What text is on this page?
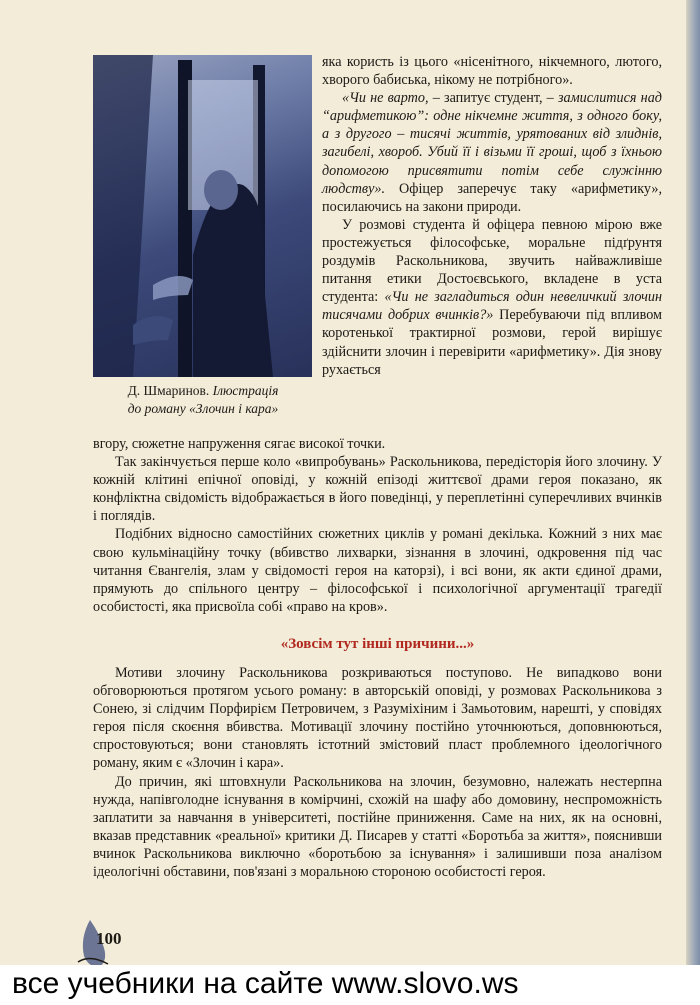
Д. Шмаринов. Ілюстрація
до роману «Злочин і кара»

яка користь із цього «нісенітного, нікчемного, лютого, хворого бабиська, нікому не потрібного».

«Чи не варто, – запитує студент, – замислитися над “арифметикою”: одне нікчемне життя, з одного боку, а з другого – тисячі життів, урятованих від злиднів, загибелі, хвороб. Убий її і візьми її гроші, щоб з їхньою допомогою присвятити потім себе служінню людству». Офіцер заперечує таку «арифметику», посилаючись на закони природи.

У розмові студента й офіцера певною мірою вже простежується філософське, моральне підґрунтя роздумів Раскольникова, звучить найважливіше питання етики Достоєвського, вкладене в уста студента: «Чи не загладиться один невеличкий злочин тисячами добрих вчинків?» Перебуваючи під впливом коротенької трактирної розмови, герой вирішує здійснити злочин і перевірити «арифметику». Дія знову рухається

вгору, сюжетне напруження сягає високої точки.

Так закінчується перше коло «випробувань» Раскольникова, передісторія його злочину. У кожній клітині епічної оповіді, у кожній епізоді життєвої драми героя показано, як конфліктна свідомість відображається в його поведінці, у переплетінні суперечливих вчинків і поглядів.

Подібних відносно самостійних сюжетних циклів у романі декілька. Кожний з них має свою кульмінаційну точку (вбивство лихварки, зізнання в злочині, одкровення під час читання Євангелія, злам у свідомості героя на каторзі), і всі вони, як акти єдиної драми, прямують до спільного центру – філософської і психологічної аргументації трагедії особистості, яка присвоїла собі «право на кров».

«Зовсім тут інші причини...»

Мотиви злочину Раскольникова розкриваються поступово. Не випадково вони обговорюються протягом усього роману: в авторській оповіді, у розмовах Раскольникова з Сонею, зі слідчим Порфирієм Петровичем, з Разуміхіним і Замьотовим, нарешті, у сповідях героя після скоєння вбивства. Мотивації злочину постійно уточнюються, доповнюються, спростовуються; вони становлять істотний змістовий пласт проблемного ідеологічного роману, яким є «Злочин і кара».

До причин, які штовхнули Раскольникова на злочин, безумовно, належать нестерпна нужда, напівголодне існування в комірчині, схожій на шафу або домовину, неспроможність заплатити за навчання в університеті, постійне приниження. Саме на них, як на основні, вказав представник «реальної» критики Д. Писарев у статті «Боротьба за життя», пояснивши вчинок Раскольникова виключно «боротьбою за існування» і залишивши поза аналізом ідеологічні обставини, пов'язані з моральною стороною особистості героя.

100
все учебники на сайте www.slovo.ws
